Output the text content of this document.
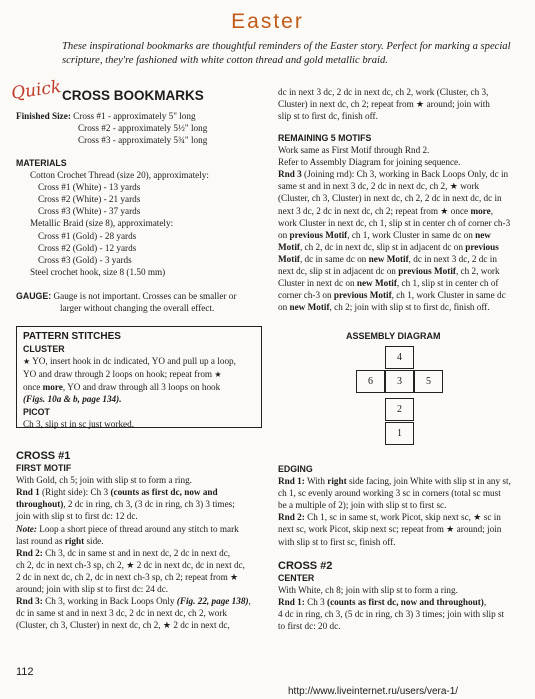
Easter
These inspirational bookmarks are thoughtful reminders of the Easter story. Perfect for marking a special scripture, they're fashioned with white cotton thread and gold metallic braid.
Quick CROSS BOOKMARKS

Finished Size: Cross #1 - approximately 5" long

Cross #2 - approximately 5½" long

Cross #3 - approximately 5¾" long

MATERIALS

Cotton Crochet Thread (size 20), approximately:

Cross #1 (White) - 13 yards

Cross #2 (White) - 21 yards

Cross #3 (White) - 37 yards

Metallic Braid (size 8), approximately:

Cross #1 (Gold) - 28 yards

Cross #2 (Gold) - 12 yards

Cross #3 (Gold) - 3 yards

Steel crochet hook, size 8 (1.50 mm)

GAUGE: Gauge is not important. Crosses can be smaller or

larger without changing the overall effect.

PATTERN STITCHES

CLUSTER

★ YO, insert hook in dc indicated, YO and pull up a loop,

YO and draw through 2 loops on hook; repeat from ★

once more, YO and draw through all 3 loops on hook

(Figs. 10a & b, page 134).

PICOT

Ch 3, slip st in sc just worked.

CROSS #1

FIRST MOTIF

With Gold, ch 5; join with slip st to form a ring.

Rnd 1 (Right side): Ch 3 (counts as first dc, now and

throughout), 2 dc in ring, ch 3, (3 dc in ring, ch 3) 3 times;

join with slip st to first dc: 12 dc.

Note: Loop a short piece of thread around any stitch to mark

last round as right side.

Rnd 2: Ch 3, dc in same st and in next dc, 2 dc in next dc,

ch 2, dc in next ch-3 sp, ch 2, ★ 2 dc in next dc, dc in next dc,

2 dc in next dc, ch 2, dc in next ch-3 sp, ch 2; repeat from ★

around; join with slip st to first dc: 24 dc.

Rnd 3: Ch 3, working in Back Loops Only (Fig. 22, page 138),

dc in same st and in next 3 dc, 2 dc in next dc, ch 2, work

(Cluster, ch 3, Cluster) in next dc, ch 2, ★ 2 dc in next dc,

dc in next 3 dc, 2 dc in next dc, ch 2, work (Cluster, ch 3,

Cluster) in next dc, ch 2; repeat from ★ around; join with

slip st to first dc, finish off.

REMAINING 5 MOTIFS

Work same as First Motif through Rnd 2.

Refer to Assembly Diagram for joining sequence.

Rnd 3 (Joining rnd): Ch 3, working in Back Loops Only, dc in

same st and in next 3 dc, 2 dc in next dc, ch 2, ★ work

(Cluster, ch 3, Cluster) in next dc, ch 2, 2 dc in next dc, dc in

next 3 dc, 2 dc in next dc, ch 2; repeat from ★ once more,

work Cluster in next dc, ch 1, slip st in center ch of corner ch-3

on previous Motif, ch 1, work Cluster in same dc on new

Motif, ch 2, dc in next dc, slip st in adjacent dc on previous

Motif, dc in same dc on new Motif, dc in next 3 dc, 2 dc in

next dc, slip st in adjacent dc on previous Motif, ch 2, work

Cluster in next dc on new Motif, ch 1, slip st in center ch of

corner ch-3 on previous Motif, ch 1, work Cluster in same dc

on new Motif, ch 2; join with slip st to first dc, finish off.

ASSEMBLY DIAGRAM
4
6	3	5
2
1

EDGING

Rnd 1: With right side facing, join White with slip st in any st,

ch 1, sc evenly around working 3 sc in corners (total sc must

be a multiple of 2); join with slip st to first sc.

Rnd 2: Ch 1, sc in same st, work Picot, skip next sc, ★ sc in

next sc, work Picot, skip next sc; repeat from ★ around; join

with slip st to first sc, finish off.

CROSS #2

CENTER

With White, ch 8; join with slip st to form a ring.

Rnd 1: Ch 3 (counts as first dc, now and throughout),

4 dc in ring, ch 3, (5 dc in ring, ch 3) 3 times; join with slip st

to first dc: 20 dc.

112
http://www.liveinternet.ru/users/vera-1/
